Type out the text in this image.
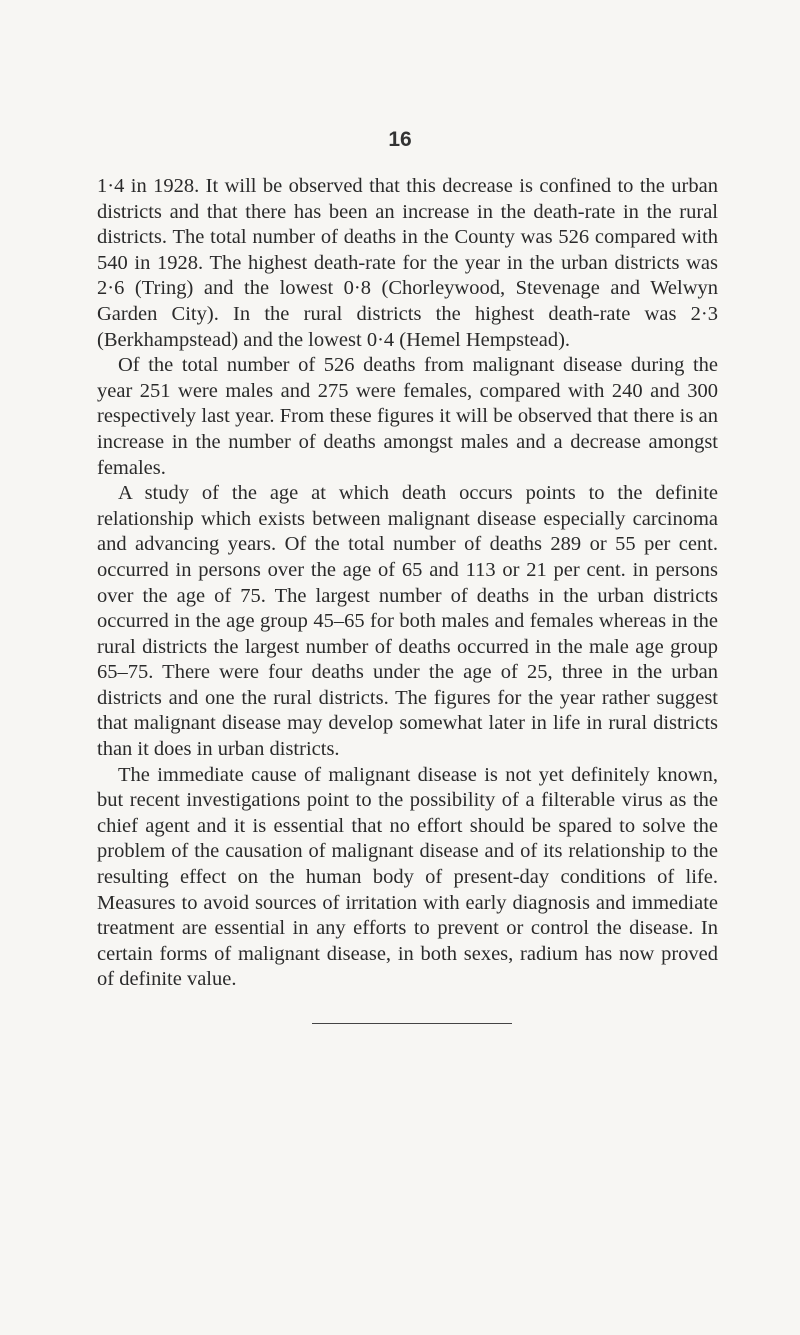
16

1·4 in 1928. It will be observed that this decrease is confined to the urban districts and that there has been an increase in the death-rate in the rural districts. The total number of deaths in the County was 526 compared with 540 in 1928. The highest death-rate for the year in the urban districts was 2·6 (Tring) and the lowest 0·8 (Chorleywood, Stevenage and Welwyn Garden City). In the rural districts the highest death-rate was 2·3 (Berkhampstead) and the lowest 0·4 (Hemel Hempstead).

Of the total number of 526 deaths from malignant disease during the year 251 were males and 275 were females, compared with 240 and 300 respectively last year. From these figures it will be observed that there is an increase in the number of deaths amongst males and a decrease amongst females.

A study of the age at which death occurs points to the definite relationship which exists between malignant disease especially carcinoma and advancing years. Of the total number of deaths 289 or 55 per cent. occurred in persons over the age of 65 and 113 or 21 per cent. in persons over the age of 75. The largest number of deaths in the urban districts occurred in the age group 45–65 for both males and females whereas in the rural districts the largest number of deaths occurred in the male age group 65–75. There were four deaths under the age of 25, three in the urban districts and one the rural districts. The figures for the year rather suggest that malignant disease may develop somewhat later in life in rural districts than it does in urban districts.

The immediate cause of malignant disease is not yet definitely known, but recent investigations point to the possibility of a filterable virus as the chief agent and it is essential that no effort should be spared to solve the problem of the causation of malignant disease and of its relationship to the resulting effect on the human body of present-day conditions of life. Measures to avoid sources of irritation with early diagnosis and immediate treatment are essential in any efforts to prevent or control the disease. In certain forms of malignant disease, in both sexes, radium has now proved of definite value.
